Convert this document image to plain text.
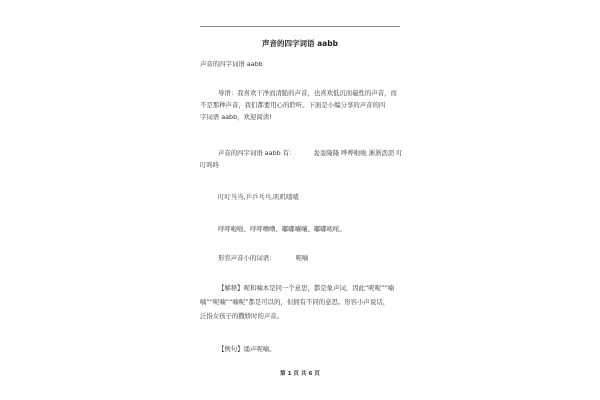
声音的四字词语 aabb
声音的四字词语 aabb
导语：我喜欢干净而清脆的声音，也喜欢低沉而磁性的声音，而
不是那种声音，我们都要用心的聆听。下面是小编分享的声音的四
字词语 aabb，欢迎阅读!
声音的四字词语 aabb 有：	轰轰隆隆 哗哗啦啦 淅淅沥沥 叮
叮咚咚
叮叮当当,乒乒乓乓,叽叽喳喳
呼呼啦啦、呼呼噜噜、嘟嘟嚷嚷、嘟嘟哝哝。
形容声音小的词语：	呢喃
【解释】呢和喃本是同一个意思，都是象声词，因此“呢呢”“喃
喃”“呢喃”“喃呢”都是可以的，但拥有不同的意思。形容小声说话，
泛指女孩子的撒娇时的声音。
【例句】诵声呢喃。
第 1 页 共 6 页
